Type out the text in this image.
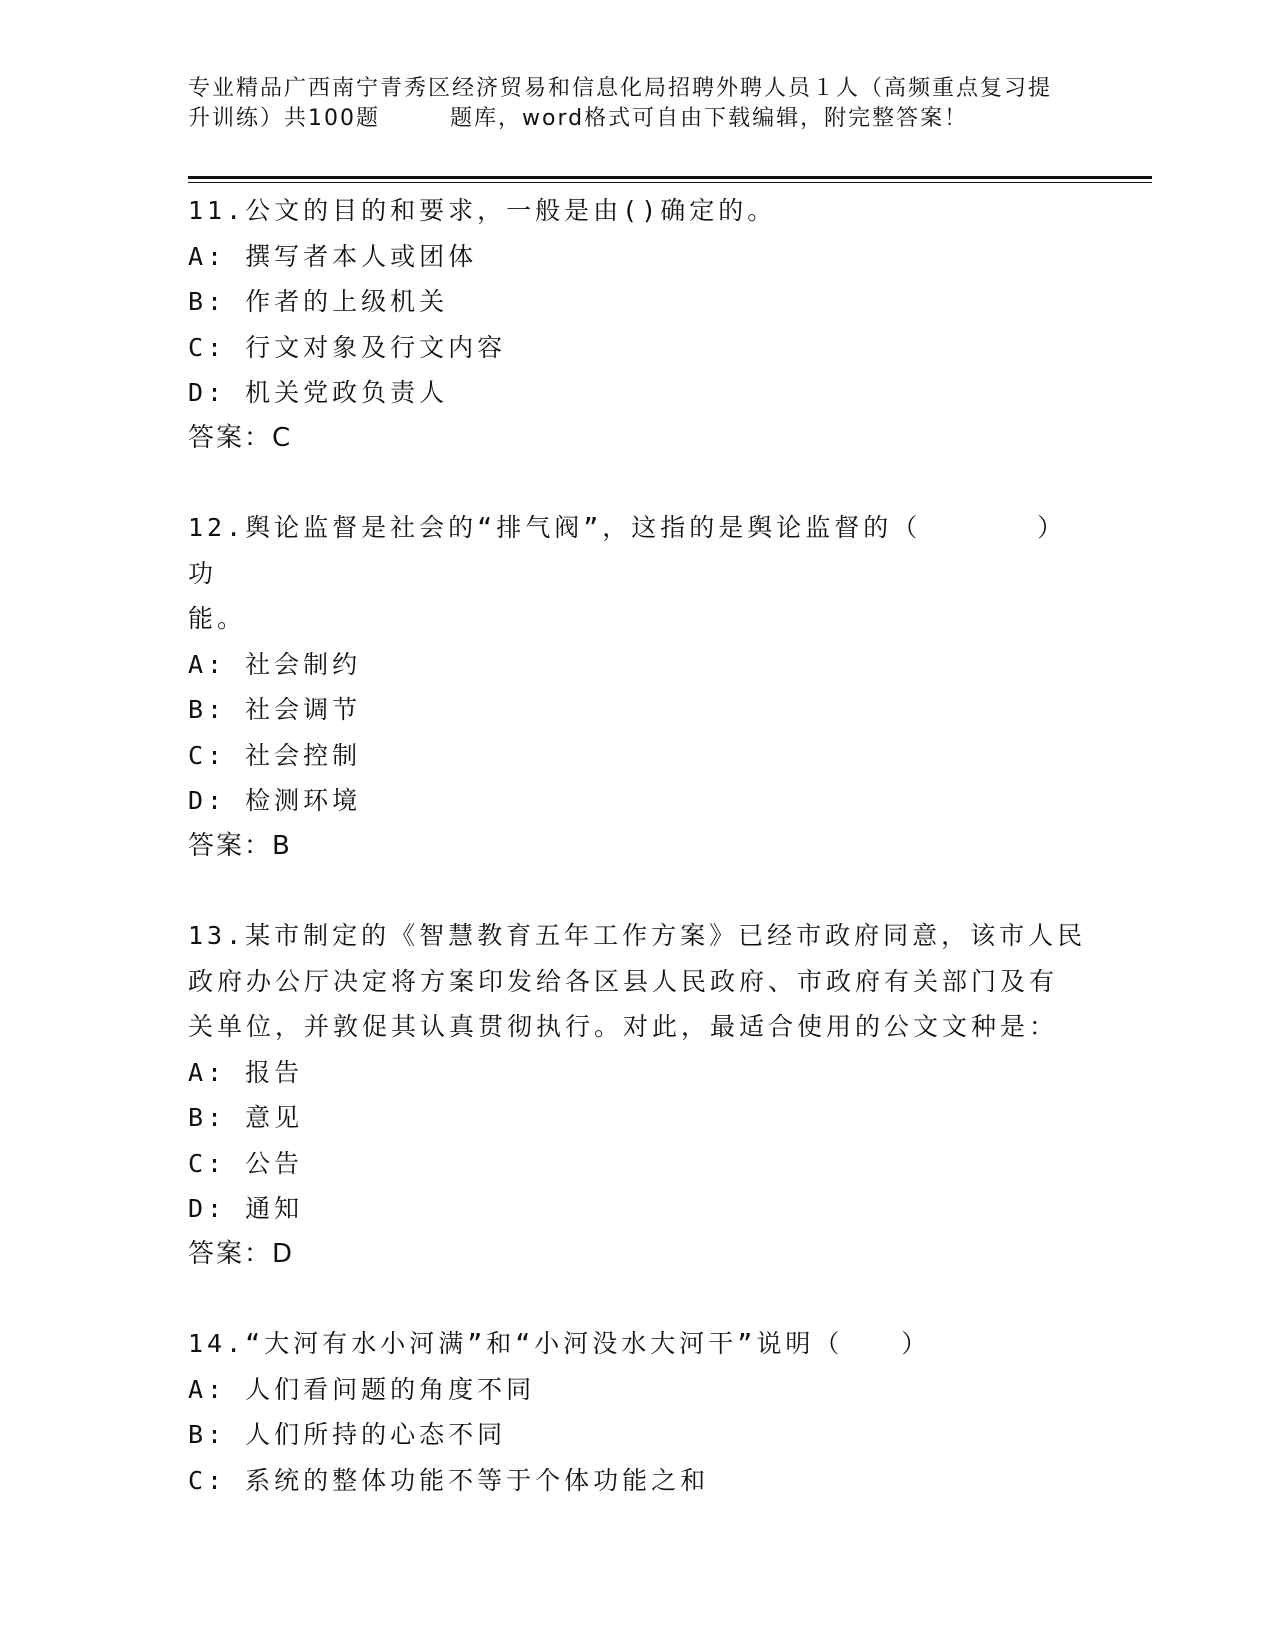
专业精品广西南宁青秀区经济贸易和信息化局招聘外聘人员１人（高频重点复习提
升训练）共100题	题库，word格式可自由下载编辑，附完整答案！
11.公文的目的和要求，一般是由()确定的。
A: 撰写者本人或团体
B: 作者的上级机关
C: 行文对象及行文内容
D: 机关党政负责人
答案：C
12.舆论监督是社会的“排气阀”，这指的是舆论监督的（　　　　）功
能。
A: 社会制约
B: 社会调节
C: 社会控制
D: 检测环境
答案：B
13.某市制定的《智慧教育五年工作方案》已经市政府同意，该市人民
政府办公厅决定将方案印发给各区县人民政府、市政府有关部门及有
关单位，并敦促其认真贯彻执行。对此，最适合使用的公文文种是：
A: 报告
B: 意见
C: 公告
D: 通知
答案：D
14.“大河有水小河满”和“小河没水大河干”说明（　　）
A: 人们看问题的角度不同
B: 人们所持的心态不同
C: 系统的整体功能不等于个体功能之和
